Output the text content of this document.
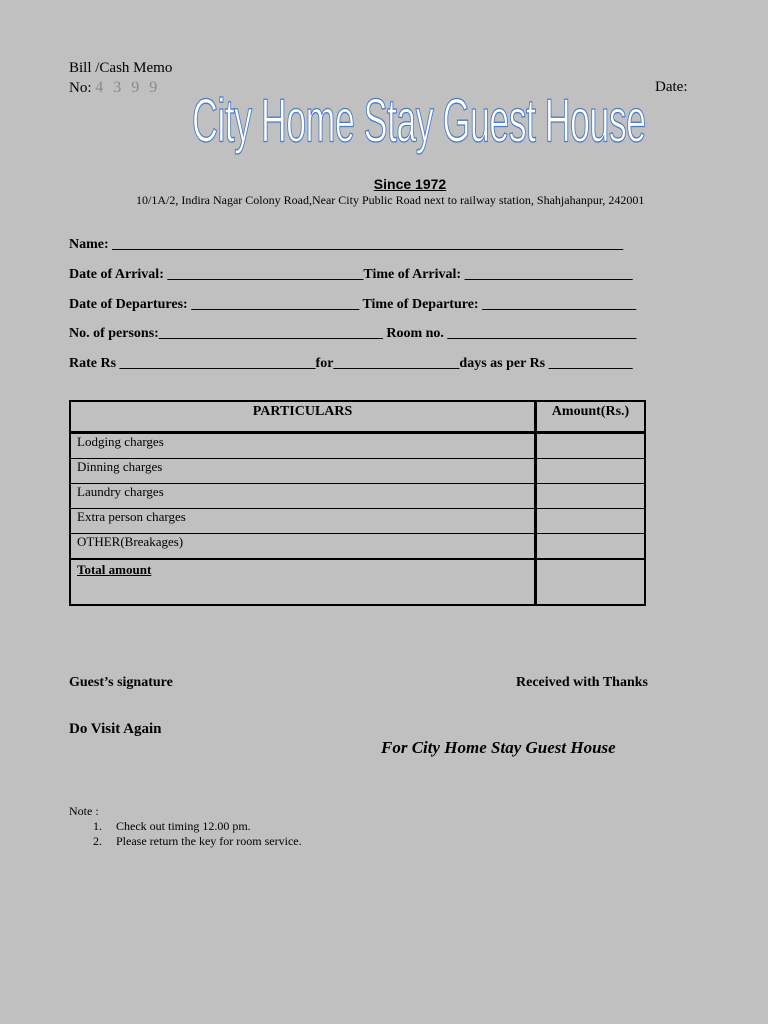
Bill /Cash Memo
No: 4 3 9 9	Date:
City Home Stay Guest House
Since 1972
10/1A/2, Indira Nagar Colony Road,Near City Public Road next to railway station, Shahjahanpur, 242001
Name: _________________________________________________________________________
Date of Arrival: ____________________________Time of Arrival: ________________________
Date of Departures: ________________________ Time of Departure: ______________________
No. of persons:________________________________ Room no. ___________________________
Rate Rs ____________________________for__________________days as per Rs ____________
PARTICULARS	Amount(Rs.)
Lodging charges	
Dinning charges	
Laundry charges	
Extra person charges	
OTHER(Breakages)	
Total amount	
Guest’s signature	Received with Thanks
Do Visit Again
For City Home Stay Guest House
Note :
1. Check out timing 12.00 pm.
2. Please return the key for room service.
